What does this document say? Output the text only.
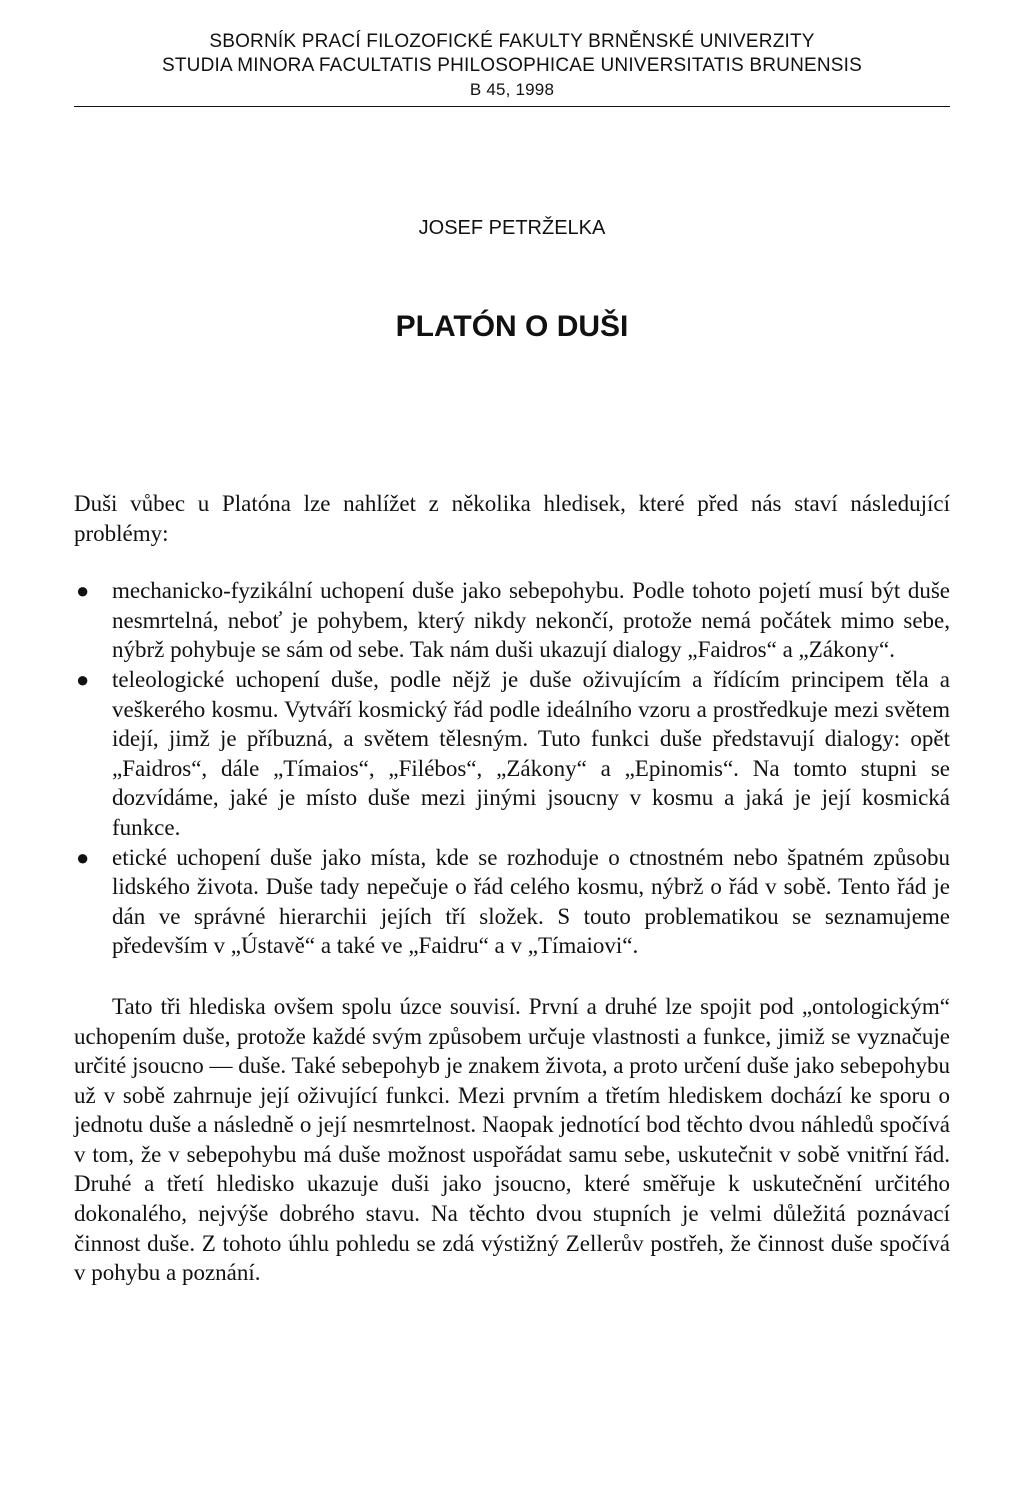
SBORNÍK PRACÍ FILOZOFICKÉ FAKULTY BRNĚNSKÉ UNIVERZITY
STUDIA MINORA FACULTATIS PHILOSOPHICAE UNIVERSITATIS BRUNENSIS
B 45, 1998
JOSEF PETRŽELKA
PLATÓN O DUŠI

Duši vůbec u Platóna lze nahlížet z několika hledisek, které před nás staví následující problémy:

● mechanicko-fyzikální uchopení duše jako sebepohybu. Podle tohoto pojetí musí být duše nesmrtelná, neboť je pohybem, který nikdy nekončí, protože nemá počátek mimo sebe, nýbrž pohybuje se sám od sebe. Tak nám duši ukazují dialogy „Faidros“ a „Zákony“.
● teleologické uchopení duše, podle nějž je duše oživujícím a řídícím principem těla a veškerého kosmu. Vytváří kosmický řád podle ideálního vzoru a prostředkuje mezi světem idejí, jimž je příbuzná, a světem tělesným. Tuto funkci duše představují dialogy: opět „Faidros“, dále „Tímaios“, „Filébos“, „Zákony“ a „Epinomis“. Na tomto stupni se dozvídáme, jaké je místo duše mezi jinými jsoucny v kosmu a jaká je její kosmická funkce.
● etické uchopení duše jako místa, kde se rozhoduje o ctnostném nebo špatném způsobu lidského života. Duše tady nepečuje o řád celého kosmu, nýbrž o řád v sobě. Tento řád je dán ve správné hierarchii jejích tří složek. S touto problematikou se seznamujeme především v „Ústavě“ a také ve „Faidru“ a v „Tímaiovi“.

Tato tři hlediska ovšem spolu úzce souvisí. První a druhé lze spojit pod „ontologickým“ uchopením duše, protože každé svým způsobem určuje vlastnosti a funkce, jimiž se vyznačuje určité jsoucno — duše. Také sebepohyb je znakem života, a proto určení duše jako sebepohybu už v sobě zahrnuje její oživující funkci. Mezi prvním a třetím hlediskem dochází ke sporu o jednotu duše a následně o její nesmrtelnost. Naopak jednotící bod těchto dvou náhledů spočívá v tom, že v sebepohybu má duše možnost uspořádat samu sebe, uskutečnit v sobě vnitřní řád. Druhé a třetí hledisko ukazuje duši jako jsoucno, které směřuje k uskutečnění určitého dokonalého, nejvýše dobrého stavu. Na těchto dvou stupních je velmi důležitá poznávací činnost duše. Z tohoto úhlu pohledu se zdá výstižný Zellerův postřeh, že činnost duše spočívá v pohybu a poznání.
